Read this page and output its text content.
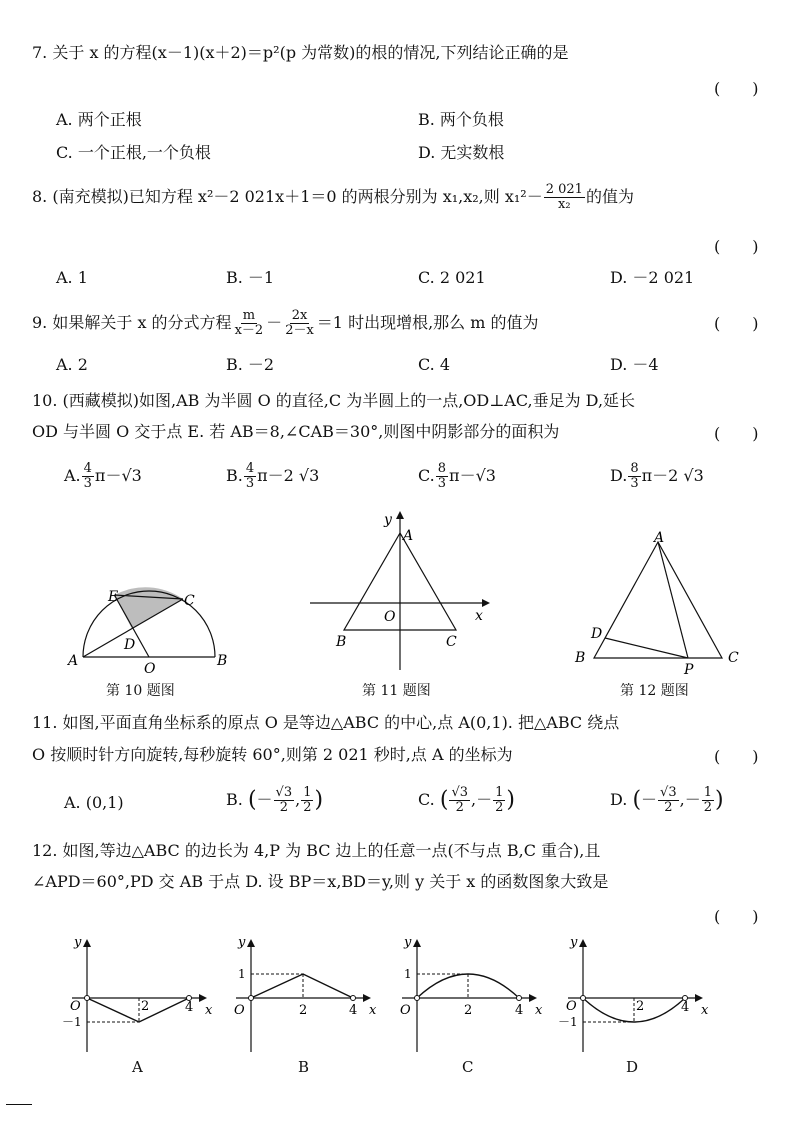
7. 关于 x 的方程(x－1)(x＋2)＝p²(p 为常数)的根的情况,下列结论正确的是
(　　)
A. 两个正根	B. 两个负根
C. 一个正根,一个负根	D. 无实数根
8. (南充模拟)已知方程 x²－2 021x＋1＝0 的两根分别为 x₁,x₂,则 $x_1^2- \frac{2 021}{\text{x₂}}$ 的值为
(　　)
A. 1	B. －1	C. 2 021	D. －2 021
9. 如果解关于 x 的分式方程 $\frac{m}{x-2} - \frac{2x}{2-x} =1$ 时出现增根,那么 m 的值为	(　　)
A. 2	B. －2	C. 4	D. －4
10. (西藏模拟)如图,AB 为半圆 O 的直径,C 为半圆上的一点,OD⊥AC,垂足为 D,延长
OD 与半圆 O 交于点 E. 若 AB＝8,∠CAB＝30°,则图中阴影部分的面积为	(　　)
A. $\frac{4}{3} \pi-√3$	B. $\frac{4}{3} \pi-2$ √3	C. $\frac{8}{3} \pi-√3$	D. $\frac{8}{3} \pi-2$ √3
A	B
C
E
D
O
第 10 题图
y
A
O	x
B	C
第 11 题图
A
D
B
P
C
第 12 题图
11. 如图,平面直角坐标系的原点 O 是等边△ABC 的中心,点 A(0,1). 把△ABC 绕点
O 按顺时针方向旋转,每秒旋转 60°,则第 2 021 秒时,点 A 的坐标为	(　　)
A. (0,1)	B. (－ $\frac{√3}{2}$ , $\frac{1}{2}$ )	C. ( $\frac{√3}{2}$ ,－ $\frac{1}{2}$ )	D. (－ $\frac{√3}{2}$ ,－ $\frac{1}{2}$ )
12. 如图,等边△ABC 的边长为 4,P 为 BC 边上的任意一点(不与点 B,C 重合),且
∠APD＝60°,PD 交 AB 于点 D. 设 BP＝x,BD＝y,则 y 关于 x 的函数图象大致是
(　　)
y
O
－1
2	4 x
y
1
O	2	4 x
y
1
O	2	4 x
y
O
－1
2	4 x
A	B	C	D
